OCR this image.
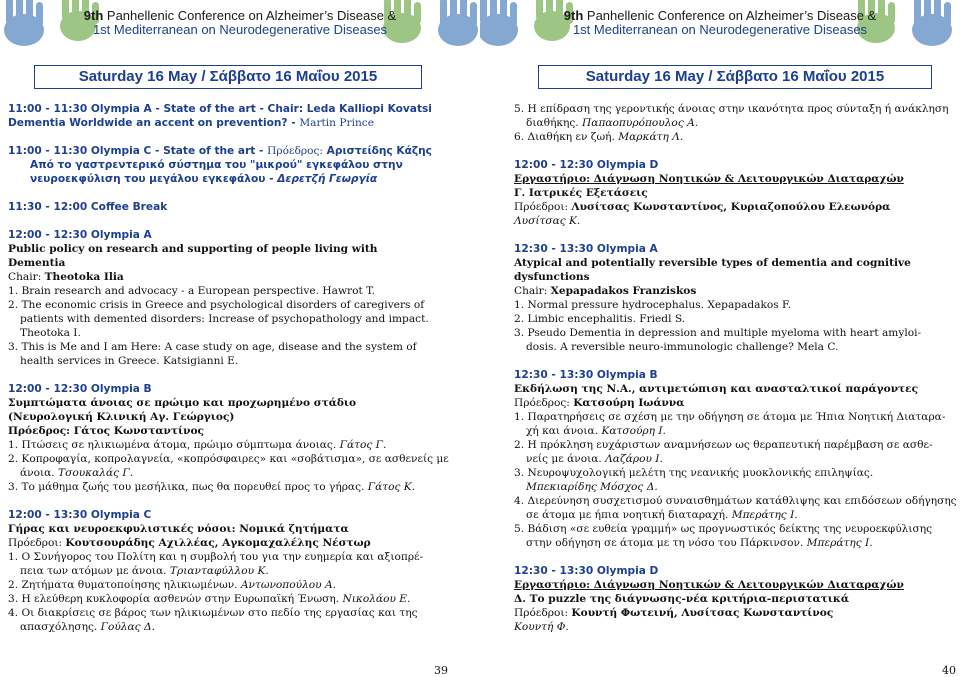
9th Panhellenic Conference on Alzheimer’s Disease &
1st Mediterranean on Neurodegenerative Diseases
Saturday 16 May / Σάββατο 16 Μαΐου 2015

11:00 - 11:30 Olympia A - State of the art - Chair: Leda Kalliopi Kovatsi

Dementia Worldwide an accent on prevention? - Martin Prince

11:00 - 11:30 Olympia C - State of the art - Πρόεδρος: Αριστείδης Κάζης

Από το γαστρεντερικό σύστημα του "μικρού" εγκεφάλου στην

νευροεκφύλιση του μεγάλου εγκεφάλου - Δερετζή Γεωργία

11:30 - 12:00 Coffee Break

12:00 - 12:30 Olympia A

Public policy on research and supporting of people living with

Dementia

Chair: Theotoka Ilia

1. Brain research and advocacy - a European perspective. Hawrot T.

2. The economic crisis in Greece and psychological disorders of caregivers of

patients with demented disorders: Increase of psychopathology and impact.

Theotoka I.

3. This is Me and I am Here: A case study on age, disease and the system of

health services in Greece. Katsigianni E.

12:00 - 12:30 Olympia B

Συμπτώματα άνοιας σε πρώιμο και προχωρημένο στάδιο

(Νευρολογική Κλινική Αγ. Γεώργιος)

Πρόεδρος: Γάτος Κωνσταντίνος

1. Πτώσεις σε ηλικιωμένα άτομα, πρώιμο σύμπτωμα άνοιας. Γάτος Γ.

2. Κοπροφαγία, κοπρολαγνεία, «κοπρόσφαιρες» και «σοβάτισμα», σε ασθενείς με

άνοια. Τσουκαλάς Γ.

3. Το μάθημα ζωής του μεσήλικα, πως θα πορευθεί προς το γήρας. Γάτος Κ.

12:00 - 13:30 Olympia C

Γήρας και νευροεκφυλιστικές νόσοι: Νομικά ζητήματα

Πρόεδροι: Κουτσουράδης Αχιλλέας, Αγκομαχαλέλης Νέστωρ

1. Ο Συνήγορος του Πολίτη και η συμβολή του για την ευημερία και αξιοπρέ-

πεια των ατόμων με άνοια. Τριανταφύλλου Κ.

2. Ζητήματα θυματοποίησης ηλικιωμένων. Αντωνοπούλου Α.

3. Η ελεύθερη κυκλοφορία ασθενών στην Ευρωπαϊκή Ένωση. Νικολάου Ε.

4. Οι διακρίσεις σε βάρος των ηλικιωμένων στο πεδίο της εργασίας και της

απασχόλησης. Γούλας Δ.

39
9th Panhellenic Conference on Alzheimer’s Disease &
1st Mediterranean on Neurodegenerative Diseases
Saturday 16 May / Σάββατο 16 Μαΐου 2015

5. Η επίδραση της γεροντικής άνοιας στην ικανότητα προς σύνταξη ή ανάκληση

διαθήκης. Παπαοπυρόπουλος Α.

6. Διαθήκη εν ζωή. Μαρκάτη Λ.

12:00 - 12:30 Olympia D

Εργαστήριο: Διάγνωση Νοητικών & Λειτουργικών Διαταραχών

Γ. Ιατρικές Εξετάσεις

Πρόεδροι: Λυσίτσας Κωνσταντίνος, Κυριαζοπούλου Ελεωνόρα

Λυσίτσας Κ.

12:30 - 13:30 Olympia A

Atypical and potentially reversible types of dementia and cognitive

dysfunctions

Chair: Xepapadakos Franziskos

1. Normal pressure hydrocephalus. Xepapadakos F.

2. Limbic encephalitis. Friedl S.

3. Pseudo Dementia in depression and multiple myeloma with heart amyloi-

dosis. A reversible neuro-immunologic challenge? Mela C.

12:30 - 13:30 Olympia B

Εκδήλωση της Ν.Α., αντιμετώπιση και ανασταλτικοί παράγοντες

Πρόεδρος: Κατσούρη Ιωάννα

1. Παρατηρήσεις σε σχέση με την οδήγηση σε άτομα με Ήπια Νοητική Διαταρα-

χή και άνοια. Κατσούρη Ι.

2. Η πρόκληση ευχάριστων αναμνήσεων ως θεραπευτική παρέμβαση σε ασθε-

νείς με άνοια. Λαζάρου Ι.

3. Νευροψυχολογική μελέτη της νεανικής μυοκλονικής επιληψίας.

Μπεκιαρίδης Μόσχος Δ.

4. Διερεύνηση συσχετισμού συναισθημάτων κατάθλιψης και επιδόσεων οδήγησης

σε άτομα με ήπια νοητική διαταραχή. Μπεράτης Ι.

5. Βάδιση «σε ευθεία γραμμή» ως προγνωστικός δείκτης της νευροεκφύλισης

στην οδήγηση σε άτομα με τη νόσο του Πάρκινσον. Μπεράτης Ι.

12:30 - 13:30 Olympia D

Εργαστήριο: Διάγνωση Νοητικών & Λειτουργικών Διαταραχών

Δ. Το puzzle της διάγνωσης-νέα κριτήρια-περιστατικά

Πρόεδροι: Κουντή Φωτεινή, Λυσίτσας Κωνσταντίνος

Κουντή Φ.

40
